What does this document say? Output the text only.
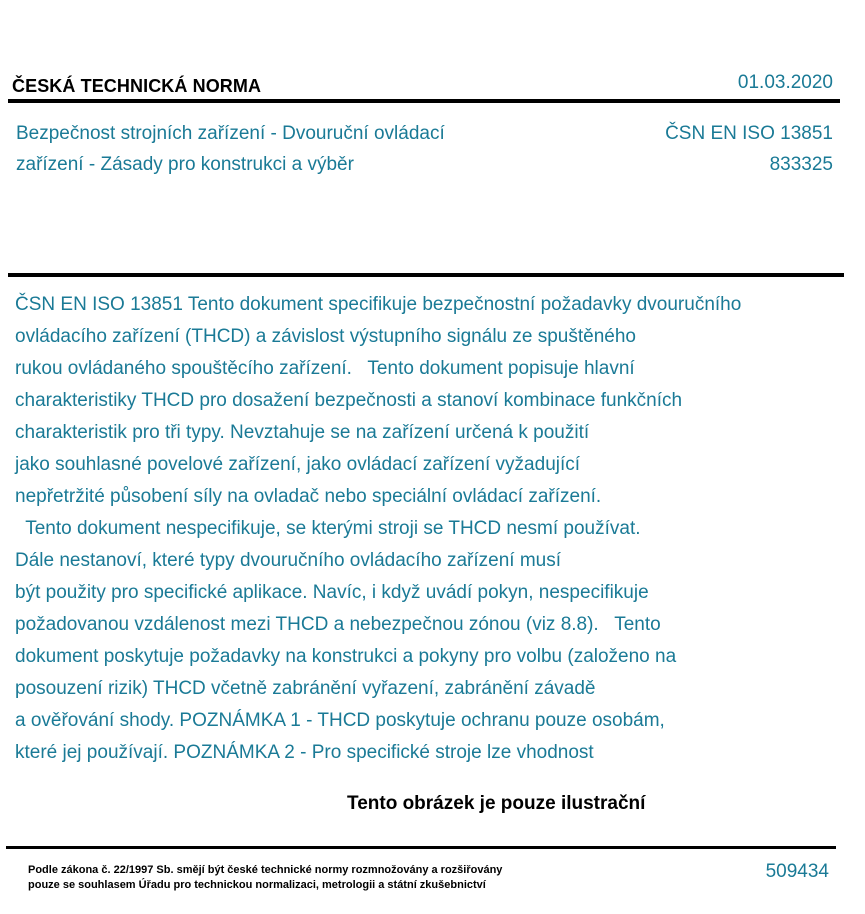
ČESKÁ TECHNICKÁ NORMA	01.03.2020
Bezpečnost strojních zařízení - Dvouruční ovládací
zařízení - Zásady pro konstrukci a výběr
ČSN EN ISO 13851
833325
ČSN EN ISO 13851 Tento dokument specifikuje bezpečnostní požadavky dvouručního
ovládacího zařízení (THCD) a závislost výstupního signálu ze spuštěného
rukou ovládaného spouštěcího zařízení.   Tento dokument popisuje hlavní
charakteristiky THCD pro dosažení bezpečnosti a stanoví kombinace funkčních
charakteristik pro tři typy. Nevztahuje se na zařízení určená k použití
jako souhlasné povelové zařízení, jako ovládací zařízení vyžadující
nepřetržité působení síly na ovladač nebo speciální ovládací zařízení.
Tento dokument nespecifikuje, se kterými stroji se THCD nesmí používat.
Dále nestanoví, které typy dvouručního ovládacího zařízení musí
být použity pro specifické aplikace. Navíc, i když uvádí pokyn, nespecifikuje
požadovanou vzdálenost mezi THCD a nebezpečnou zónou (viz 8.8).   Tento
dokument poskytuje požadavky na konstrukci a pokyny pro volbu (založeno na
posouzení rizik) THCD včetně zabránění vyřazení, zabránění závadě
a ověřování shody. POZNÁMKA 1 - THCD poskytuje ochranu pouze osobám,
které jej používají. POZNÁMKA 2 - Pro specifické stroje lze vhodnost
Tento obrázek je pouze ilustrační
Podle zákona č. 22/1997 Sb. smějí být české technické normy rozmnožovány a rozšiřovány
pouze se souhlasem Úřadu pro technickou normalizaci, metrologii a státní zkušebnictví
509434
